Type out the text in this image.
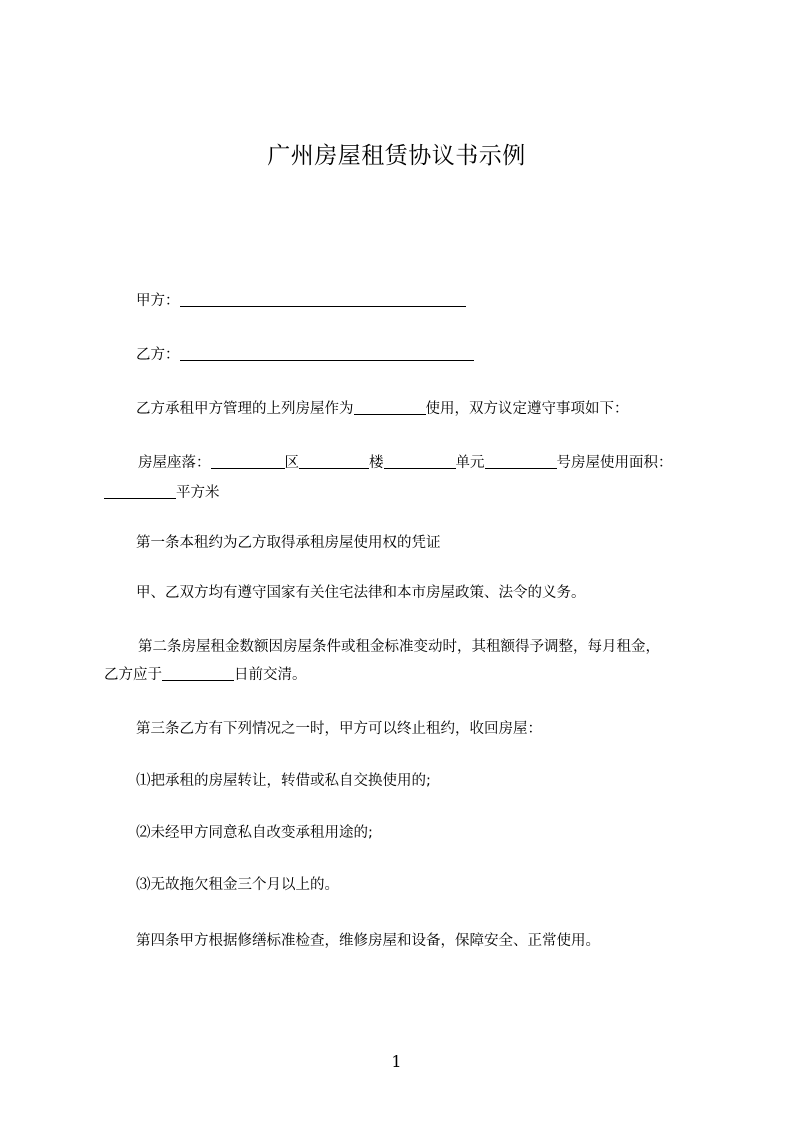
广州房屋租赁协议书示例
甲方：
乙方：
乙方承租甲方管理的上列房屋作为	使用，双方议定遵守事项如下：
房屋座落：	区	楼	单元	号房屋使用面积：
平方米
第一条本租约为乙方取得承租房屋使用权的凭证
甲、乙双方均有遵守国家有关住宅法律和本市房屋政策、法令的义务。
第二条房屋租金数额因房屋条件或租金标准变动时，其租额得予调整，每月租金，
乙方应于	日前交清。
第三条乙方有下列情况之一时，甲方可以终止租约，收回房屋：
⑴把承租的房屋转让，转借或私自交换使用的;
⑵未经甲方同意私自改变承租用途的;
⑶无故拖欠租金三个月以上的。
第四条甲方根据修缮标准检查，维修房屋和设备，保障安全、正常使用。
1
